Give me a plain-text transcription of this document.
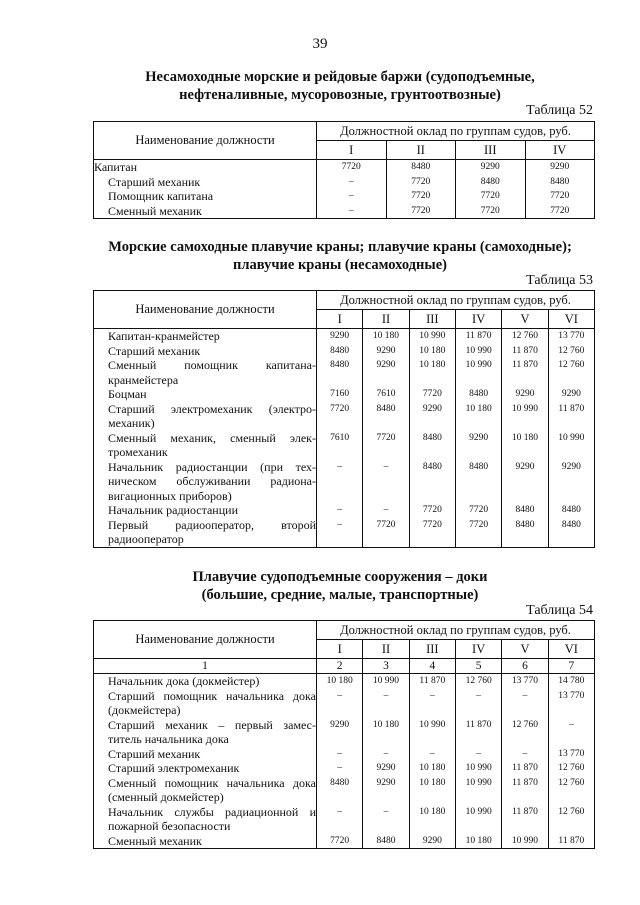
39
Несамоходные морские и рейдовые баржи (судоподъемные,
нефтеналивные, мусоровозные, грунтоотвозные)
Таблица 52
Наименование должности	Должностной оклад по группам судов, руб.			
	I	II	III	IV
Капитан	7720	8480	9290	9290
Старший механик	–	7720	8480	8480
Помощник капитана	–	7720	7720	7720
Сменный механик	–	7720	7720	7720
Морские самоходные плавучие краны; плавучие краны (самоходные);
плавучие краны (несамоходные)
Таблица 53
Наименование должности	Должностной оклад по группам судов, руб.					
	I	II	III	IV	V	VI
Капитан-кранмейстер	9290	10 180	10 990	11 870	12 760	13 770
Старший механик	8480	9290	10 180	10 990	11 870	12 760
Сменный помощник капитана-кранмейстера	8480	9290	10 180	10 990	11 870	12 760
Боцман	7160	7610	7720	8480	9290	9290
Старший электромеханик (электро-механик)	7720	8480	9290	10 180	10 990	11 870
Сменный механик, сменный элек-тромеханик	7610	7720	8480	9290	10 180	10 990
Начальник радиостанции (при тех-ническом обслуживании радиона-вигационных приборов)	–	–	8480	8480	9290	9290
Начальник радиостанции	–	–	7720	7720	8480	8480
Первый радиооператор, второй радиооператор	–	7720	7720	7720	8480	8480
Плавучие судоподъемные сооружения – доки
(большие, средние, малые, транспортные)
Таблица 54
Наименование должности	Должностной оклад по группам судов, руб.					
	I	II	III	IV	V	VI
1	2	3	4	5	6	7
Начальник дока (докмейстер)	10 180	10 990	11 870	12 760	13 770	14 780
Старший помощник начальника дока (докмейстера)	–	–	–	–	–	13 770
Старший механик – первый замес-титель начальника дока	9290	10 180	10 990	11 870	12 760	–
Старший механик	–	–	–	–	–	13 770
Старший электромеханик	–	9290	10 180	10 990	11 870	12 760
Сменный помощник начальника дока (сменный докмейстер)	8480	9290	10 180	10 990	11 870	12 760
Начальник службы радиационной и пожарной безопасности	–	–	10 180	10 990	11 870	12 760
Сменный механик	7720	8480	9290	10 180	10 990	11 870
